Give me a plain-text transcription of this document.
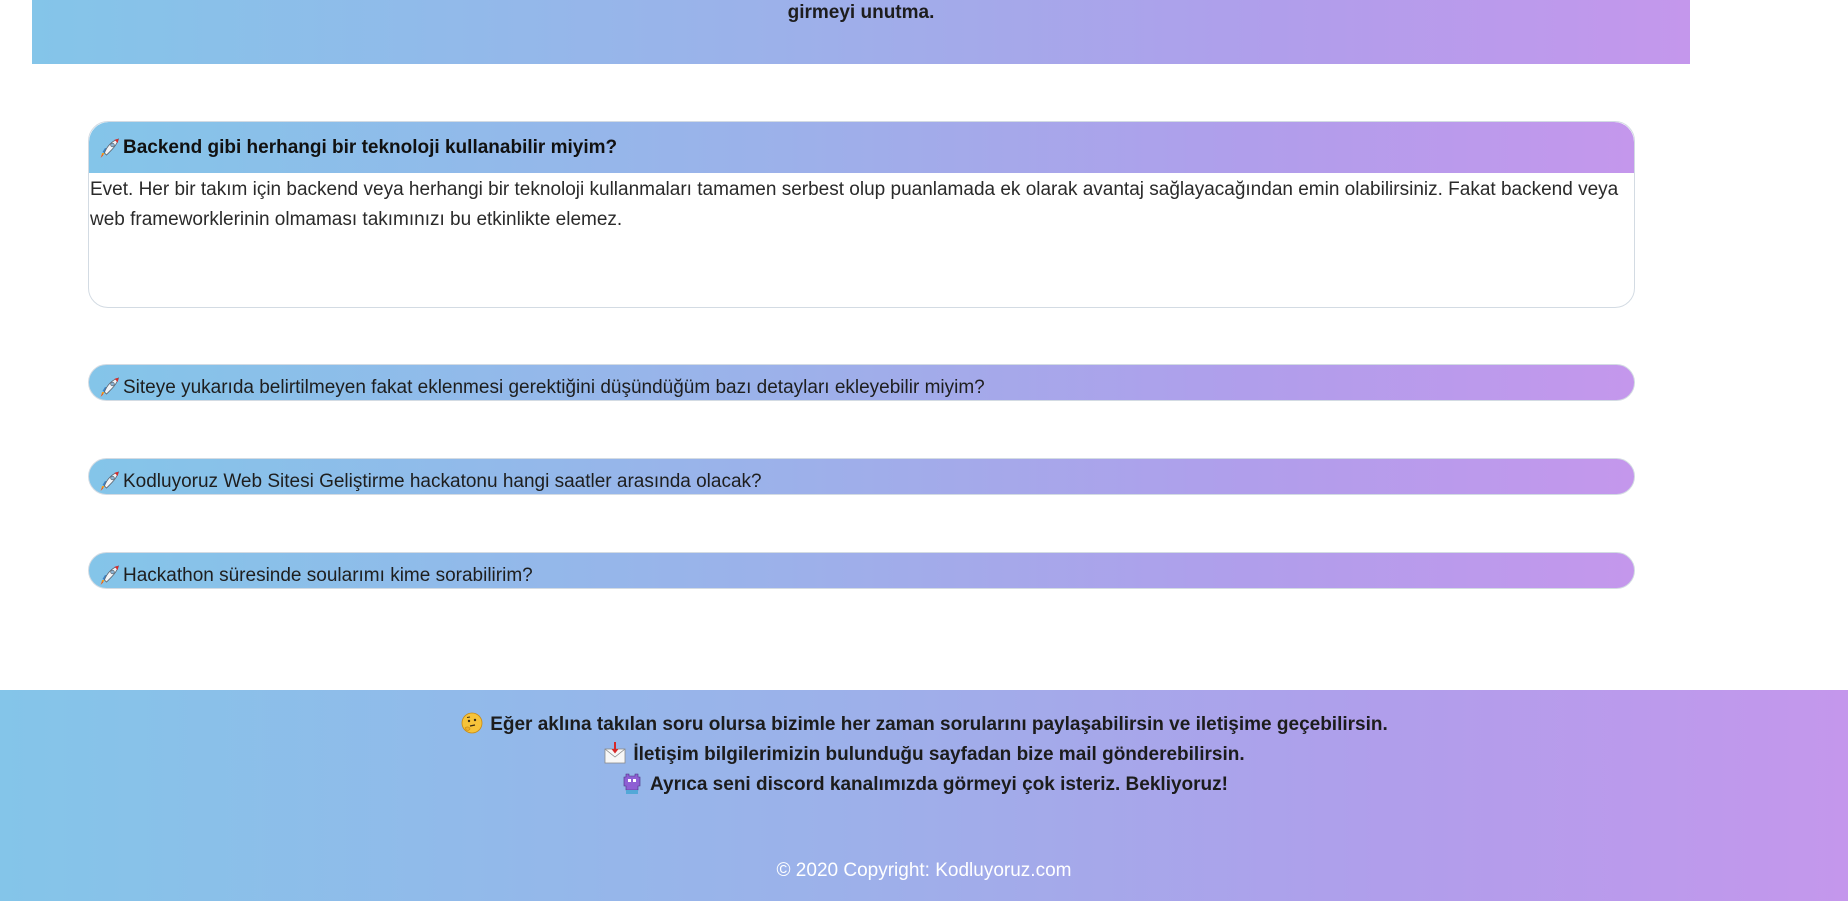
girmeyi unutma.
Backend gibi herhangi bir teknoloji kullanabilir miyim?
Evet. Her bir takım için backend veya herhangi bir teknoloji kullanmaları tamamen serbest olup puanlamada ek olarak avantaj sağlayacağından emin olabilirsiniz. Fakat backend veya web frameworklerinin olmaması takımınızı bu etkinlikte elemez.
Siteye yukarıda belirtilmeyen fakat eklenmesi gerektiğini düşündüğüm bazı detayları ekleyebilir miyim?
Kodluyoruz Web Sitesi Geliştirme hackatonu hangi saatler arasında olacak?
Hackathon süresinde soularımı kime sorabilirim?
Eğer aklına takılan soru olursa bizimle her zaman sorularını paylaşabilirsin ve iletişime geçebilirsin.
İletişim bilgilerimizin bulunduğu sayfadan bize mail gönderebilirsin.
Ayrıca seni discord kanalımızda görmeyi çok isteriz. Bekliyoruz!
© 2020 Copyright: Kodluyoruz.com
